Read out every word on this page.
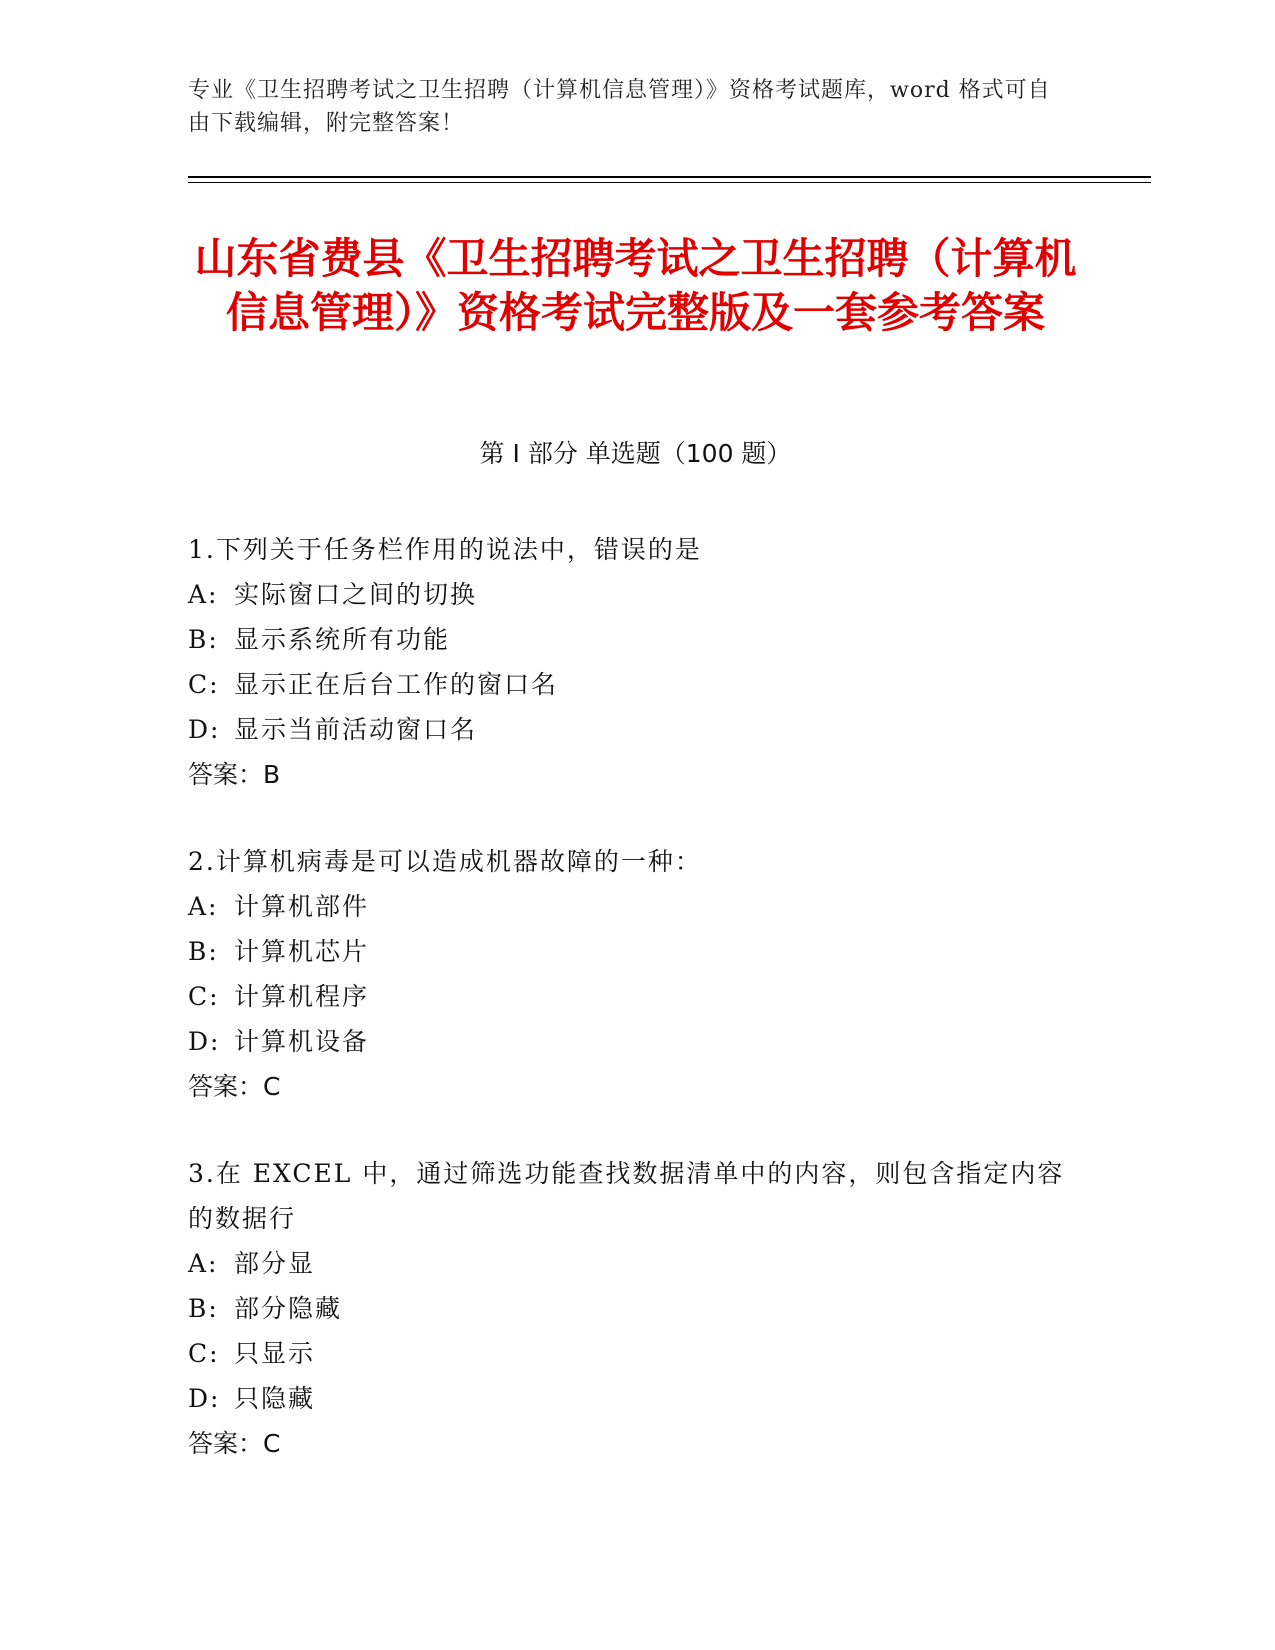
专业《卫生招聘考试之卫生招聘（计算机信息管理）》资格考试题库，word 格式可自由下载编辑，附完整答案！
山东省费县《卫生招聘考试之卫生招聘（计算机信息管理）》资格考试完整版及一套参考答案
第 I 部分 单选题（100 题）
1.下列关于任务栏作用的说法中，错误的是
A: 实际窗口之间的切换
B: 显示系统所有功能
C: 显示正在后台工作的窗口名
D: 显示当前活动窗口名
答案：B
2.计算机病毒是可以造成机器故障的一种：
A: 计算机部件
B: 计算机芯片
C: 计算机程序
D: 计算机设备
答案：C
3.在 EXCEL 中，通过筛选功能查找数据清单中的内容，则包含指定内容的数据行
A: 部分显
B: 部分隐藏
C: 只显示
D: 只隐藏
答案：C
